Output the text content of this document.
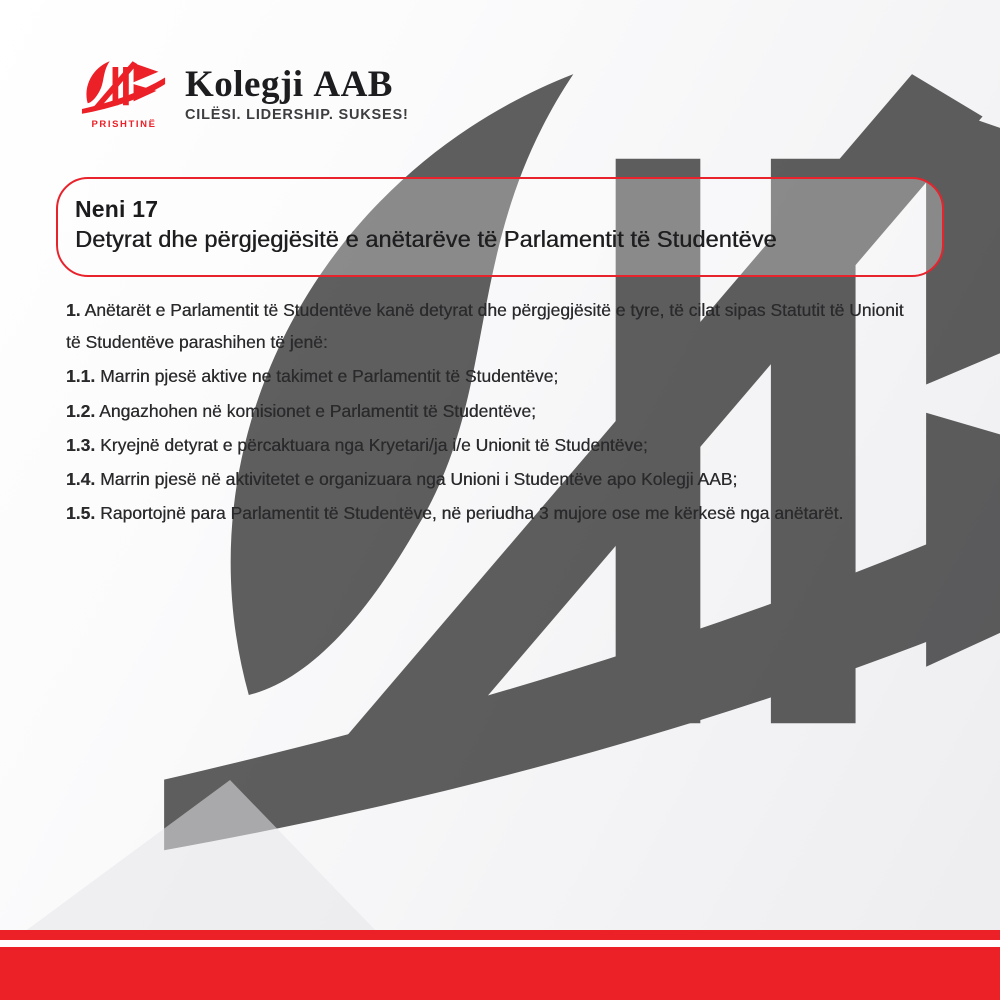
PRISHTINË
Kolegji AAB
CILËSI. LIDERSHIP. SUKSES!
Neni 17
Detyrat dhe përgjegjësitë e anëtarëve të Parlamentit të Studentëve

1. Anëtarët e Parlamentit të Studentëve kanë detyrat dhe përgjegjësitë e tyre, të cilat sipas Statutit të Unionit të Studentëve parashihen të jenë:

1.1. Marrin pjesë aktive ne takimet e Parlamentit të Studentëve;

1.2. Angazhohen në komisionet e Parlamentit të Studentëve;

1.3. Kryejnë detyrat e përcaktuara nga Kryetari/ja i/e Unionit të Studentëve;

1.4. Marrin pjesë në aktivitetet e organizuara nga Unioni i Studentëve apo Kolegji AAB;

1.5. Raportojnë para Parlamentit të Studentëve, në periudha 3 mujore ose me kërkesë nga anëtarët.
